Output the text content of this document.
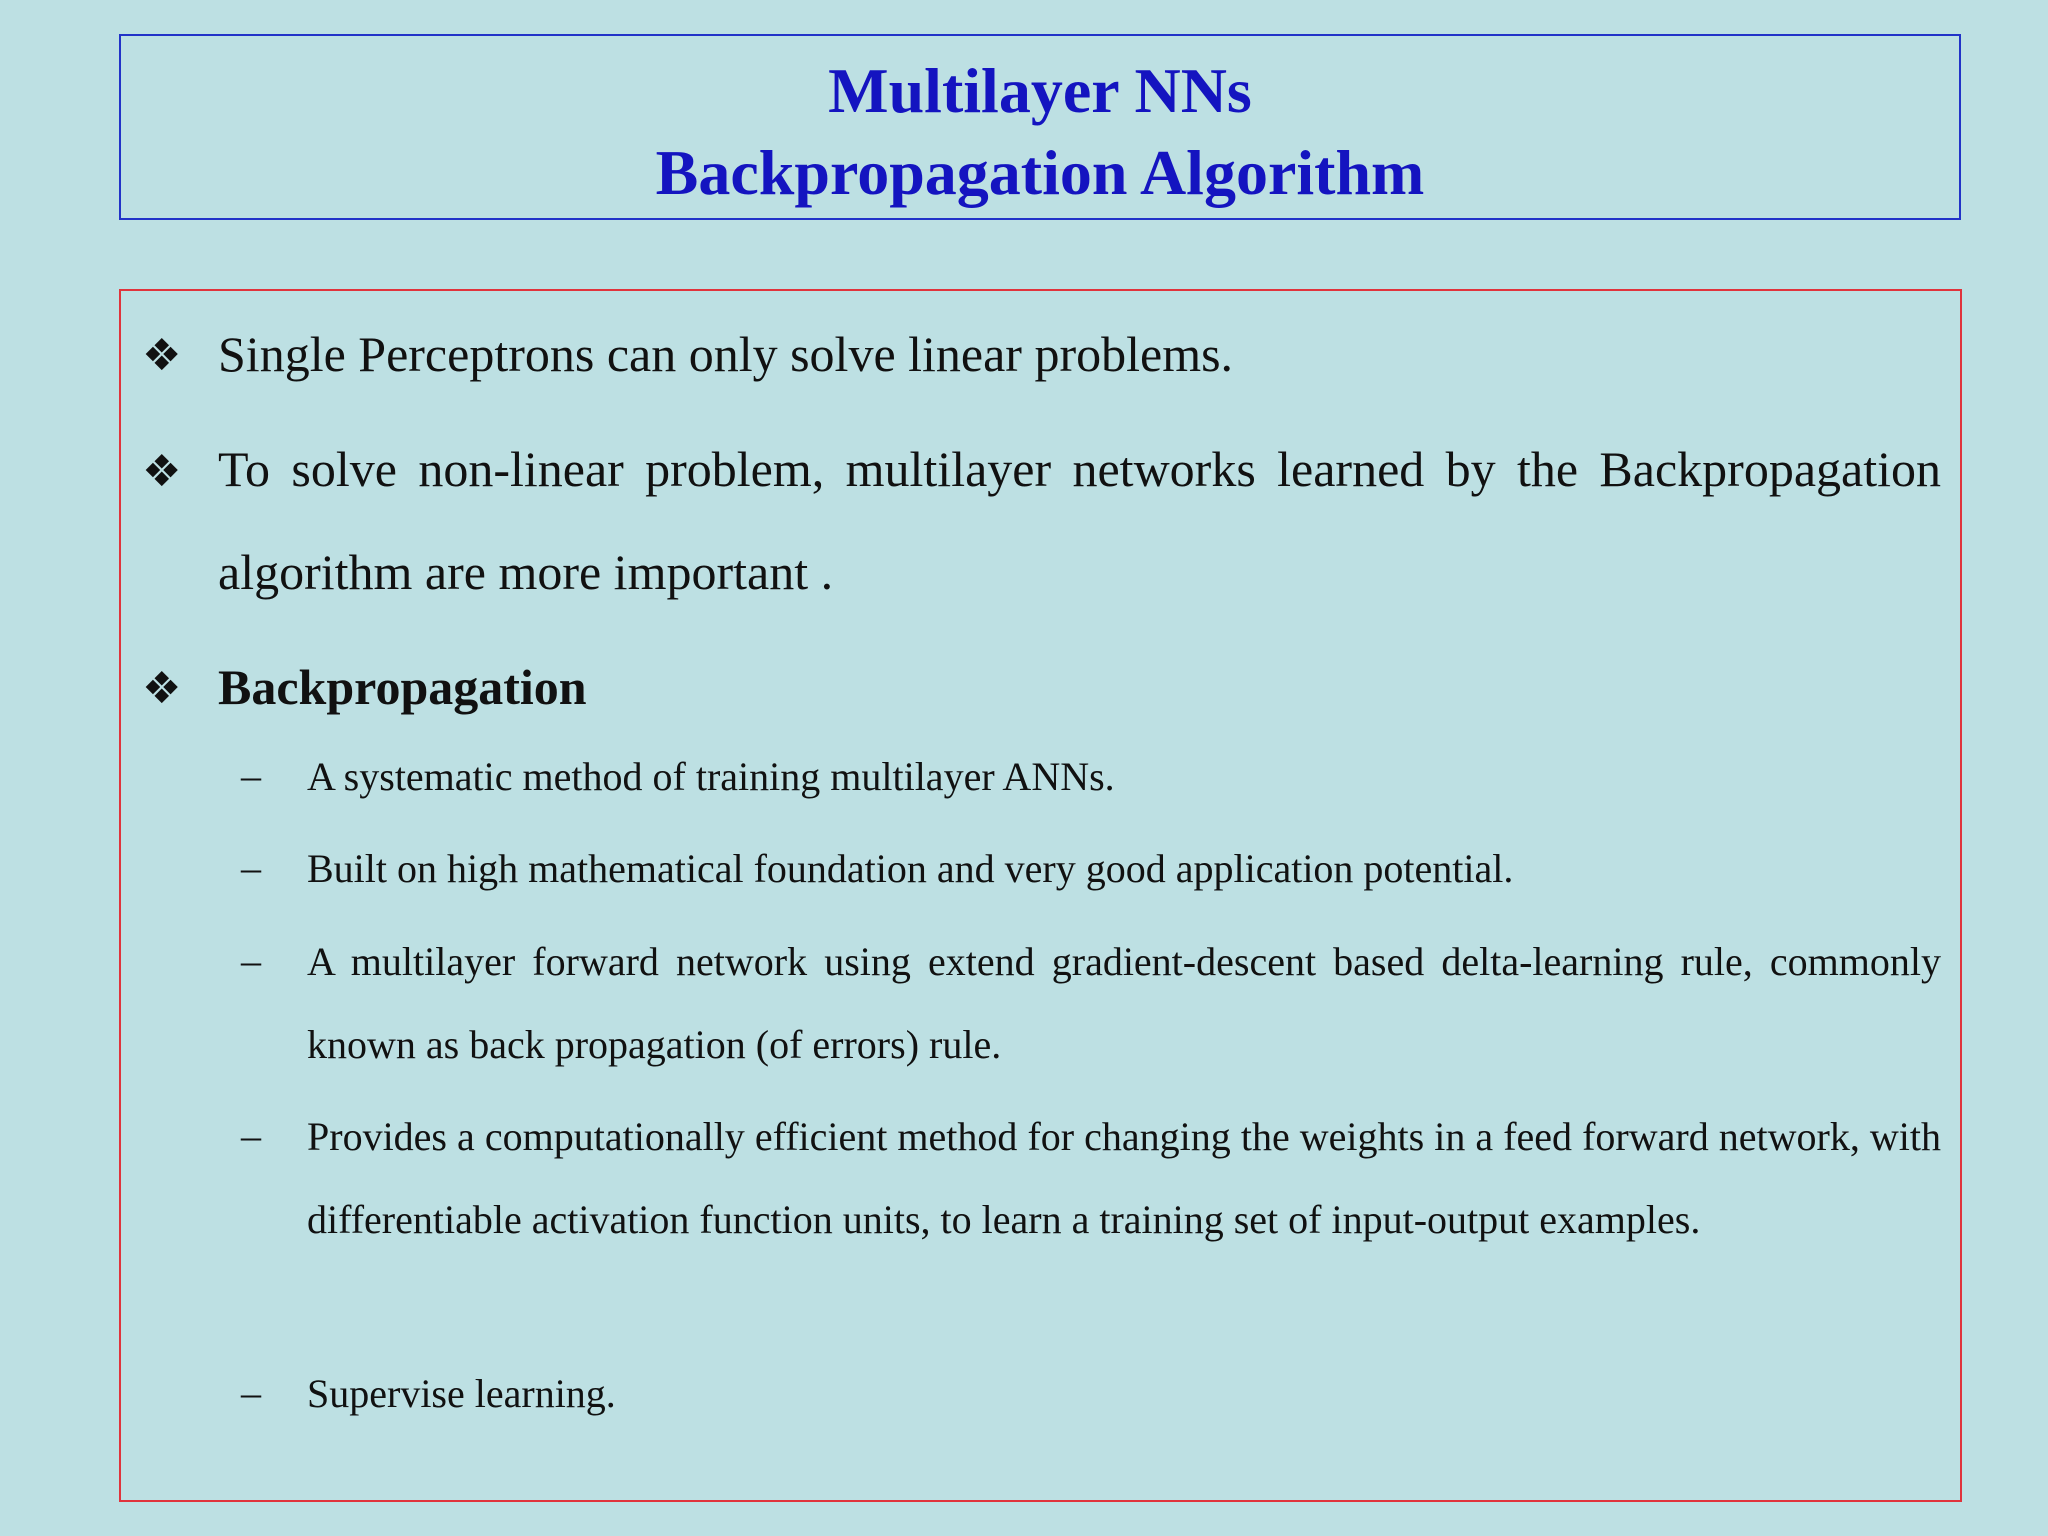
Multilayer NNs
Backpropagation Algorithm
❖ Single Perceptrons can only solve linear problems.
❖ To solve non-linear problem, multilayer networks learned by the Backpropagation algorithm are more important .
❖ Backpropagation
– A systematic method of training multilayer ANNs.
– Built on high mathematical foundation and very good application potential.
– A multilayer forward network using extend gradient-descent based delta-learning rule, commonly known as back propagation (of errors) rule.
– Provides a computationally efficient method for changing the weights in a feed forward network, with differentiable activation function units, to learn a training set of input-output examples.
– Supervise learning.
